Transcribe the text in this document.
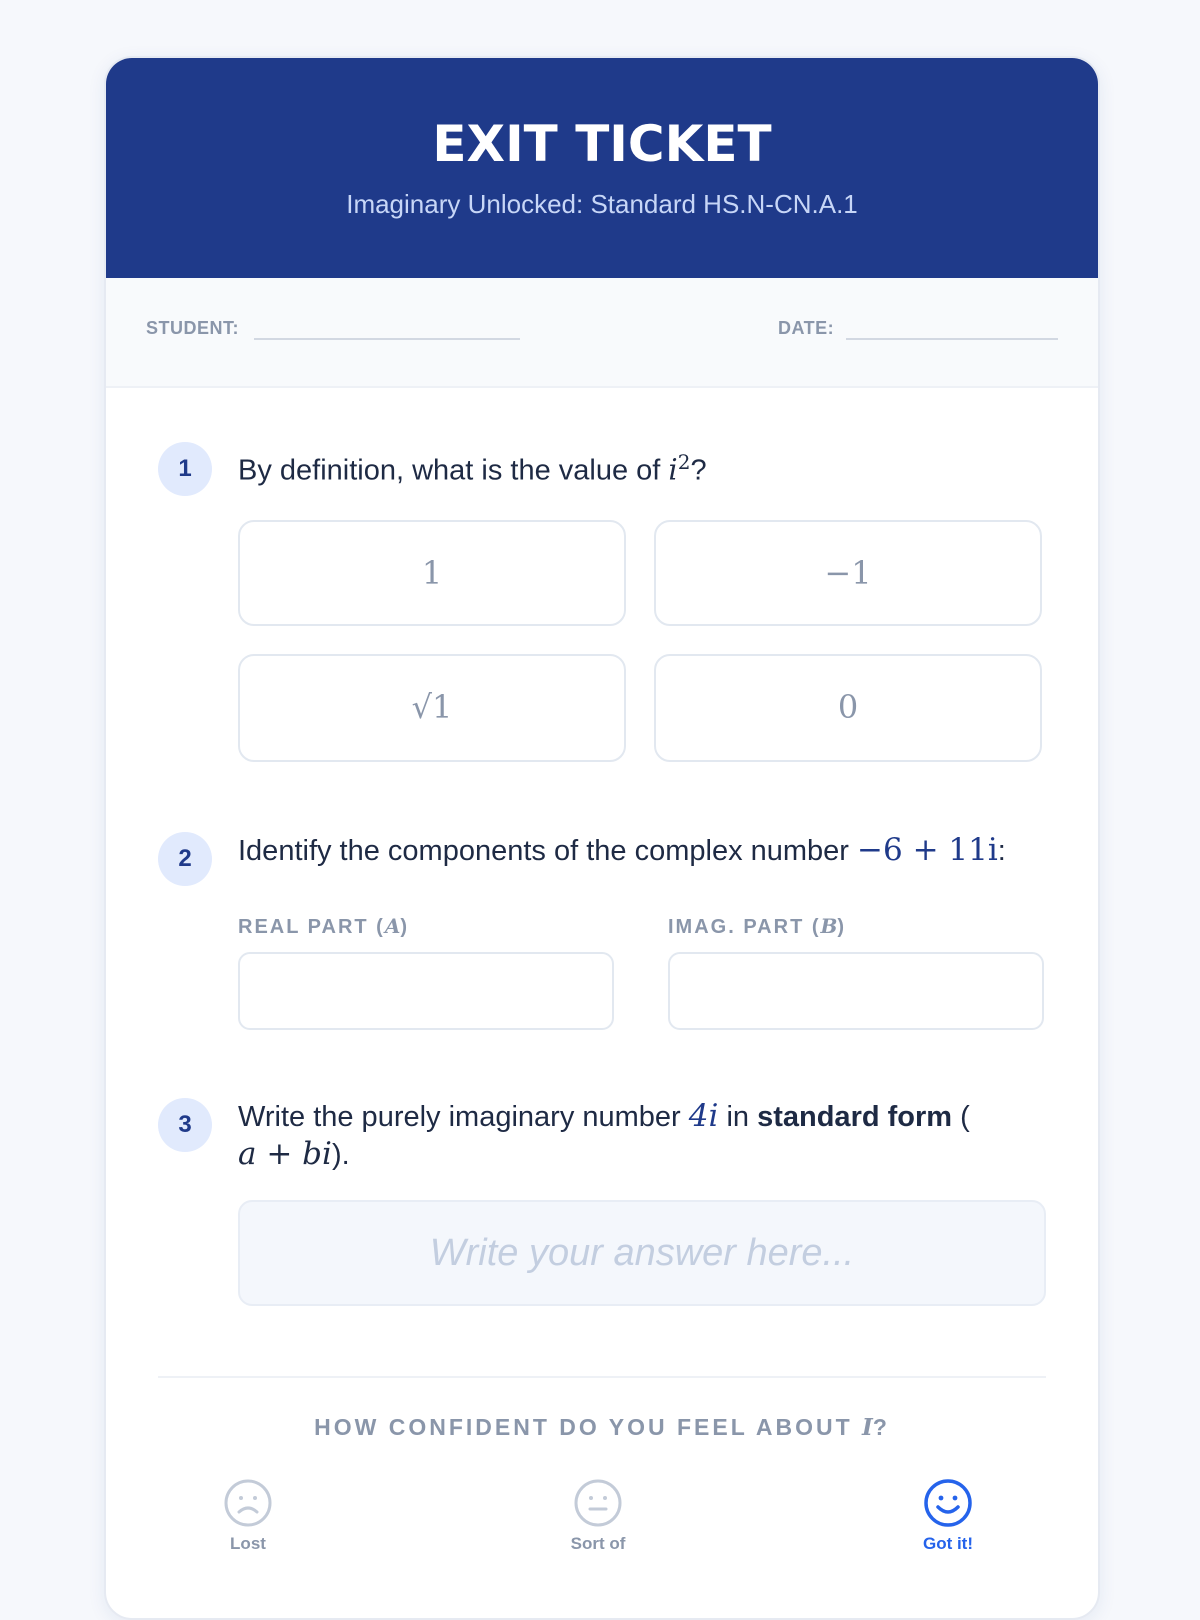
EXIT TICKET
Imaginary Unlocked: Standard HS.N-CN.A.1
STUDENT:	DATE:
1	By definition, what is the value of $i^2$?
1	−1
√1	0
2	Identify the components of the complex number −6 + 11i:
REAL PART (A)	IMAG. PART (B)
3	Write the purely imaginary number 4i in standard form (
a + bi).
Write your answer here...
HOW CONFIDENT DO YOU FEEL ABOUT I?
Lost	Sort of	Got it!
